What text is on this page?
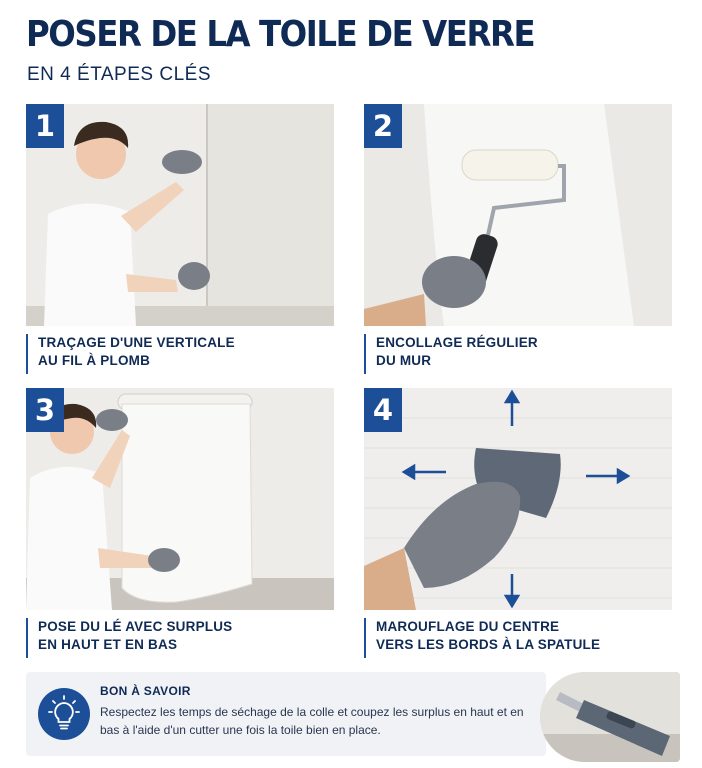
POSER DE LA TOILE DE VERRE
EN 4 ÉTAPES CLÉS
1
TRAÇAGE D'UNE VERTICALE
AU FIL À PLOMB
2
ENCOLLAGE RÉGULIER
DU MUR
3
POSE DU LÉ AVEC SURPLUS
EN HAUT ET EN BAS
4
MAROUFLAGE DU CENTRE
VERS LES BORDS À LA SPATULE
BON À SAVOIR
Respectez les temps de séchage de la colle et coupez les surplus en haut et en bas à l'aide d'un cutter une fois la toile bien en place.
